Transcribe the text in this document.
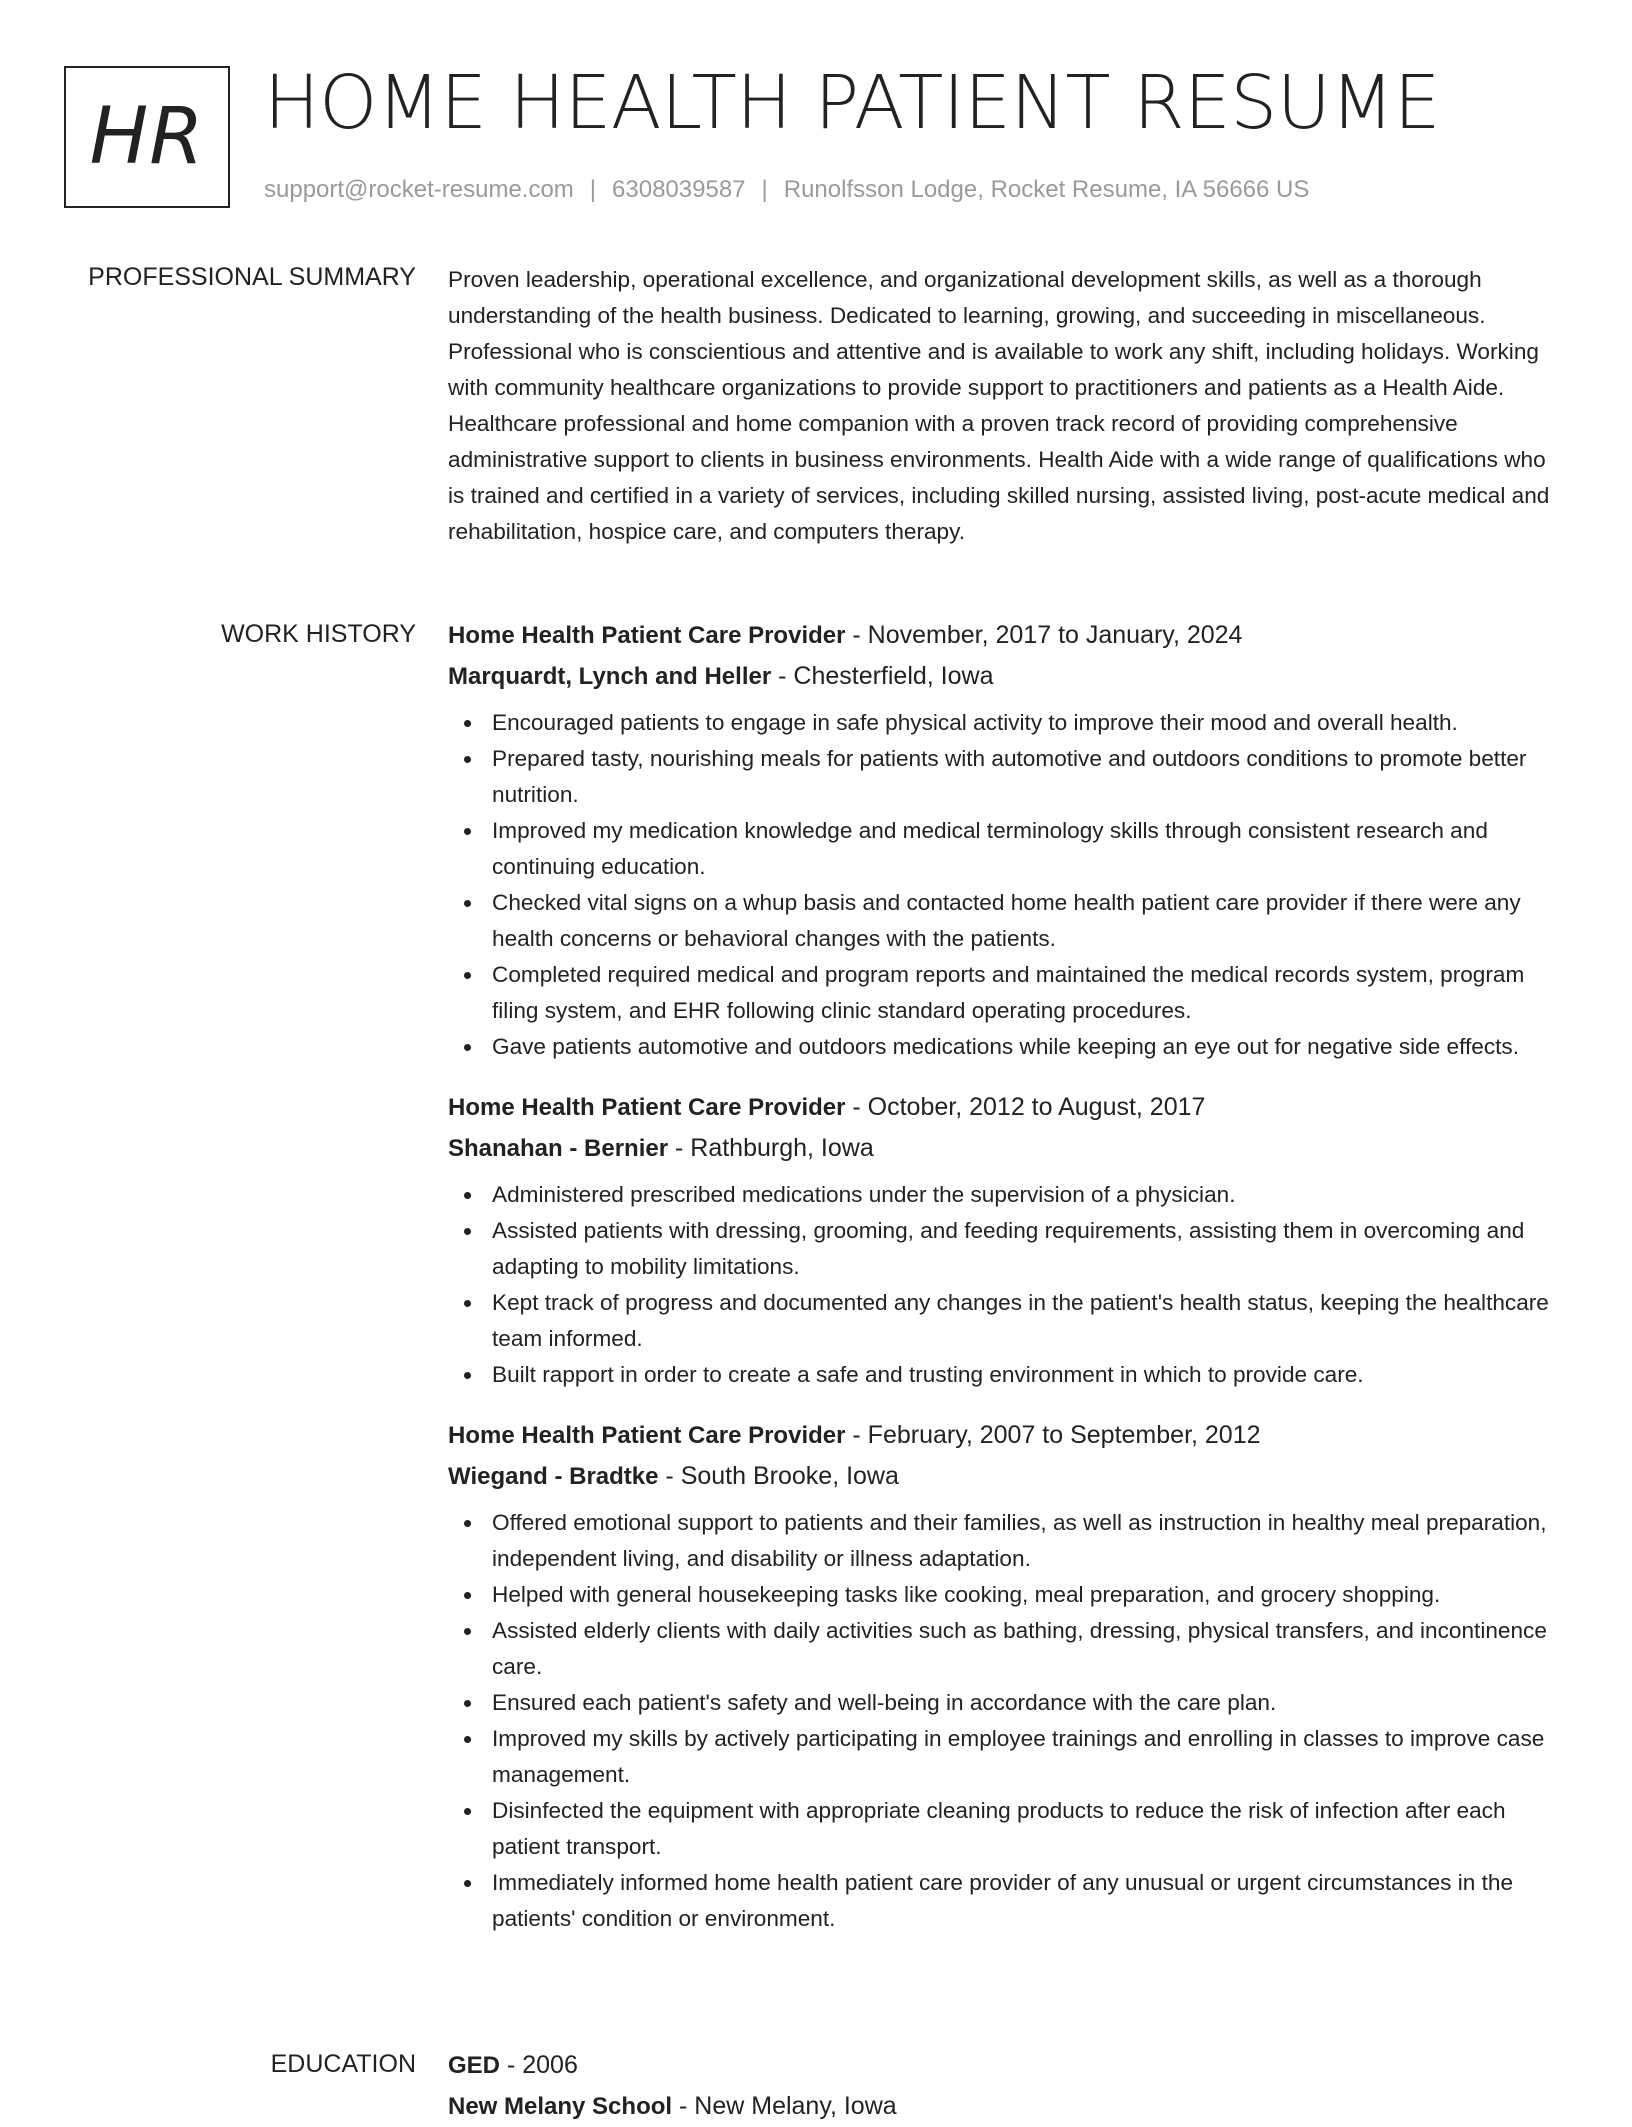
HR HOME HEALTH PATIENT RESUME
support@rocket-resume.com | 6308039587 | Runolfsson Lodge, Rocket Resume, IA 56666 US
PROFESSIONAL SUMMARY Proven leadership, operational excellence, and organizational development skills, as well as a thorough understanding of the health business. Dedicated to learning, growing, and succeeding in miscellaneous. Professional who is conscientious and attentive and is available to work any shift, including holidays. Working with community healthcare organizations to provide support to practitioners and patients as a Health Aide. Healthcare professional and home companion with a proven track record of providing comprehensive administrative support to clients in business environments. Health Aide with a wide range of qualifications who is trained and certified in a variety of services, including skilled nursing, assisted living, post-acute medical and rehabilitation, hospice care, and computers therapy.

WORK HISTORY Home Health Patient Care Provider - November, 2017 to January, 2024
Marquardt, Lynch and Heller - Chesterfield, Iowa
Encouraged patients to engage in safe physical activity to improve their mood and overall health.
Prepared tasty, nourishing meals for patients with automotive and outdoors conditions to promote better nutrition.
Improved my medication knowledge and medical terminology skills through consistent research and continuing education.
Checked vital signs on a whup basis and contacted home health patient care provider if there were any health concerns or behavioral changes with the patients.
Completed required medical and program reports and maintained the medical records system, program filing system, and EHR following clinic standard operating procedures.
Gave patients automotive and outdoors medications while keeping an eye out for negative side effects.
Home Health Patient Care Provider - October, 2012 to August, 2017
Shanahan - Bernier - Rathburgh, Iowa
Administered prescribed medications under the supervision of a physician.
Assisted patients with dressing, grooming, and feeding requirements, assisting them in overcoming and adapting to mobility limitations.
Kept track of progress and documented any changes in the patient's health status, keeping the healthcare team informed.
Built rapport in order to create a safe and trusting environment in which to provide care.
Home Health Patient Care Provider - February, 2007 to September, 2012
Wiegand - Bradtke - South Brooke, Iowa
Offered emotional support to patients and their families, as well as instruction in healthy meal preparation, independent living, and disability or illness adaptation.
Helped with general housekeeping tasks like cooking, meal preparation, and grocery shopping.
Assisted elderly clients with daily activities such as bathing, dressing, physical transfers, and incontinence care.
Ensured each patient's safety and well-being in accordance with the care plan.
Improved my skills by actively participating in employee trainings and enrolling in classes to improve case management.
Disinfected the equipment with appropriate cleaning products to reduce the risk of infection after each patient transport.
Immediately informed home health patient care provider of any unusual or urgent circumstances in the patients' condition or environment.
EDUCATION GED - 2006
New Melany School - New Melany, Iowa
